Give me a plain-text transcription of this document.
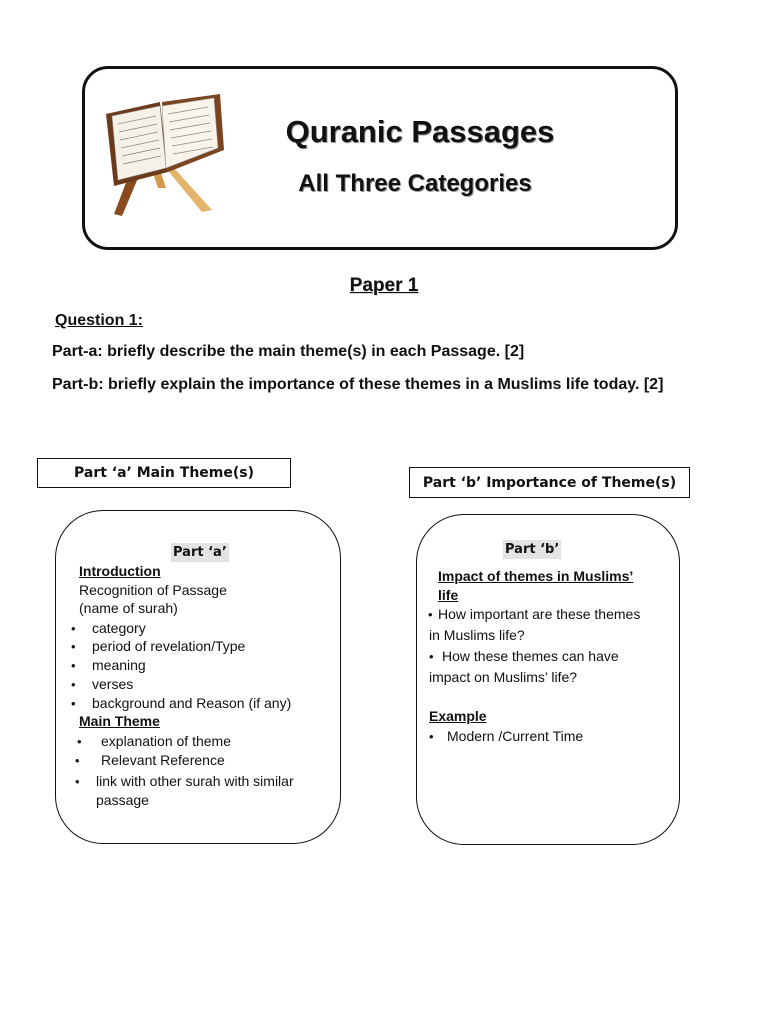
Quranic Passages
All Three Categories
Paper 1
Question 1:
Part-a: briefly describe the main theme(s) in each Passage. [2]
Part-b: briefly explain the importance of these themes in a Muslims life today. [2]
Part ‘a’ Main Theme(s)
Part ‘b’ Importance of Theme(s)
Part ‘a’
Introduction
Recognition of Passage
(name of surah)
• category
• period of revelation/Type
• meaning
• verses
• background and Reason (if any)
Main Theme
• explanation of theme
• Relevant Reference
• link with other surah with similar passage
Part ‘b’
Impact of themes in Muslims’
life
• How important are these themes
in Muslims life?
• How these themes can have
impact on Muslims’ life?
Example
• Modern /Current Time
